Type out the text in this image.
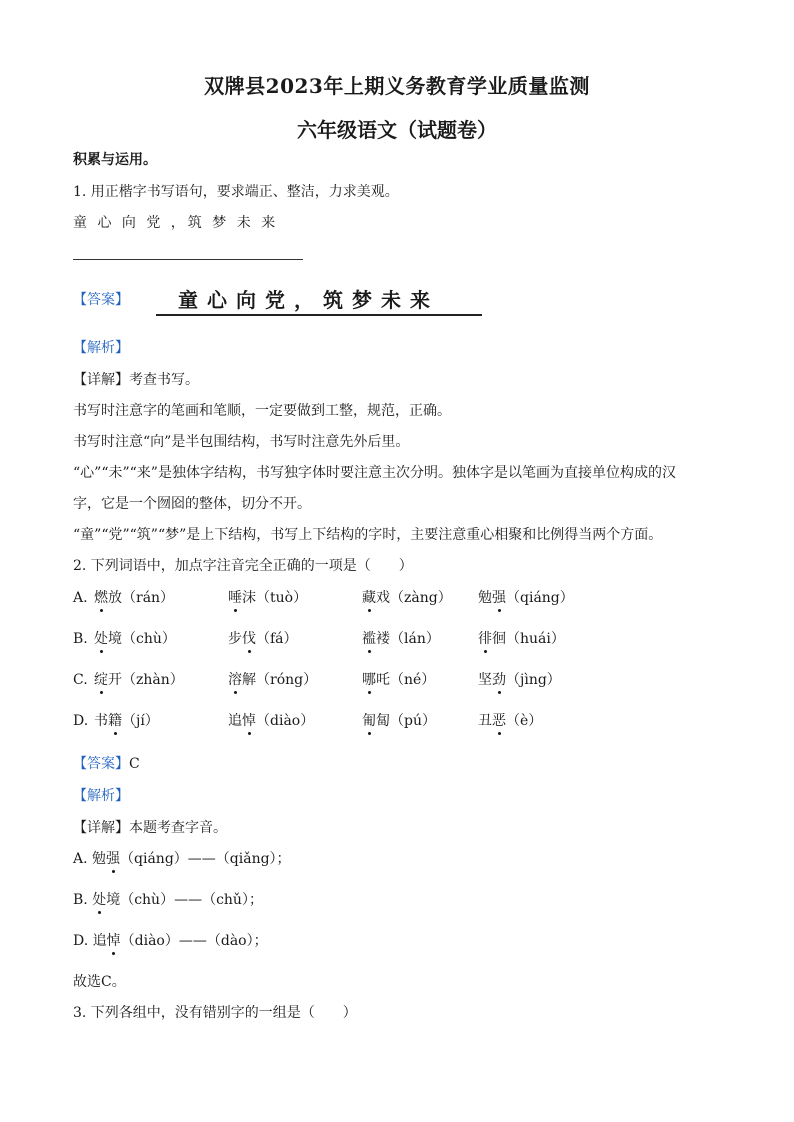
双牌县2023年上期义务教育学业质量监测
六年级语文（试题卷）
积累与运用。
1. 用正楷字书写语句，要求端正、整洁，力求美观。
童 心 向 党 ，筑 梦 未 来
【答案】 童心向党，筑梦未来
【解析】
【详解】考查书写。
书写时注意字的笔画和笔顺，一定要做到工整，规范，正确。
书写时注意“向”是半包围结构，书写时注意先外后里。
“心”“未”“来”是独体字结构，书写独字体时要注意主次分明。独体字是以笔画为直接单位构成的汉
字，它是一个囫囵的整体，切分不开。
“童”“党”“筑”“梦”是上下结构，书写上下结构的字时，主要注意重心相聚和比例得当两个方面。
2. 下列词语中，加点字注音完全正确的一项是（　　）
A. 燃放（rán）	唾沫（tuò）	藏戏（zàng） 勉强（qiáng）
B. 处境（chù）	步伐（fá）	褴褛（lán）	徘徊（huái）
C. 绽开（zhàn）	溶解（róng）	哪吒（né）	坚劲（jìng）
D. 书籍（jí）	追悼（diào）	匍匐（pú）	丑恶（è）
【答案】C
【解析】
【详解】本题考查字音。
A. 勉强（qiáng）——（qiǎng）；
B. 处境（chù）——（chǔ）；
D. 追悼（diào）——（dào）；
故选C。
3. 下列各组中，没有错别字的一组是（　　）
